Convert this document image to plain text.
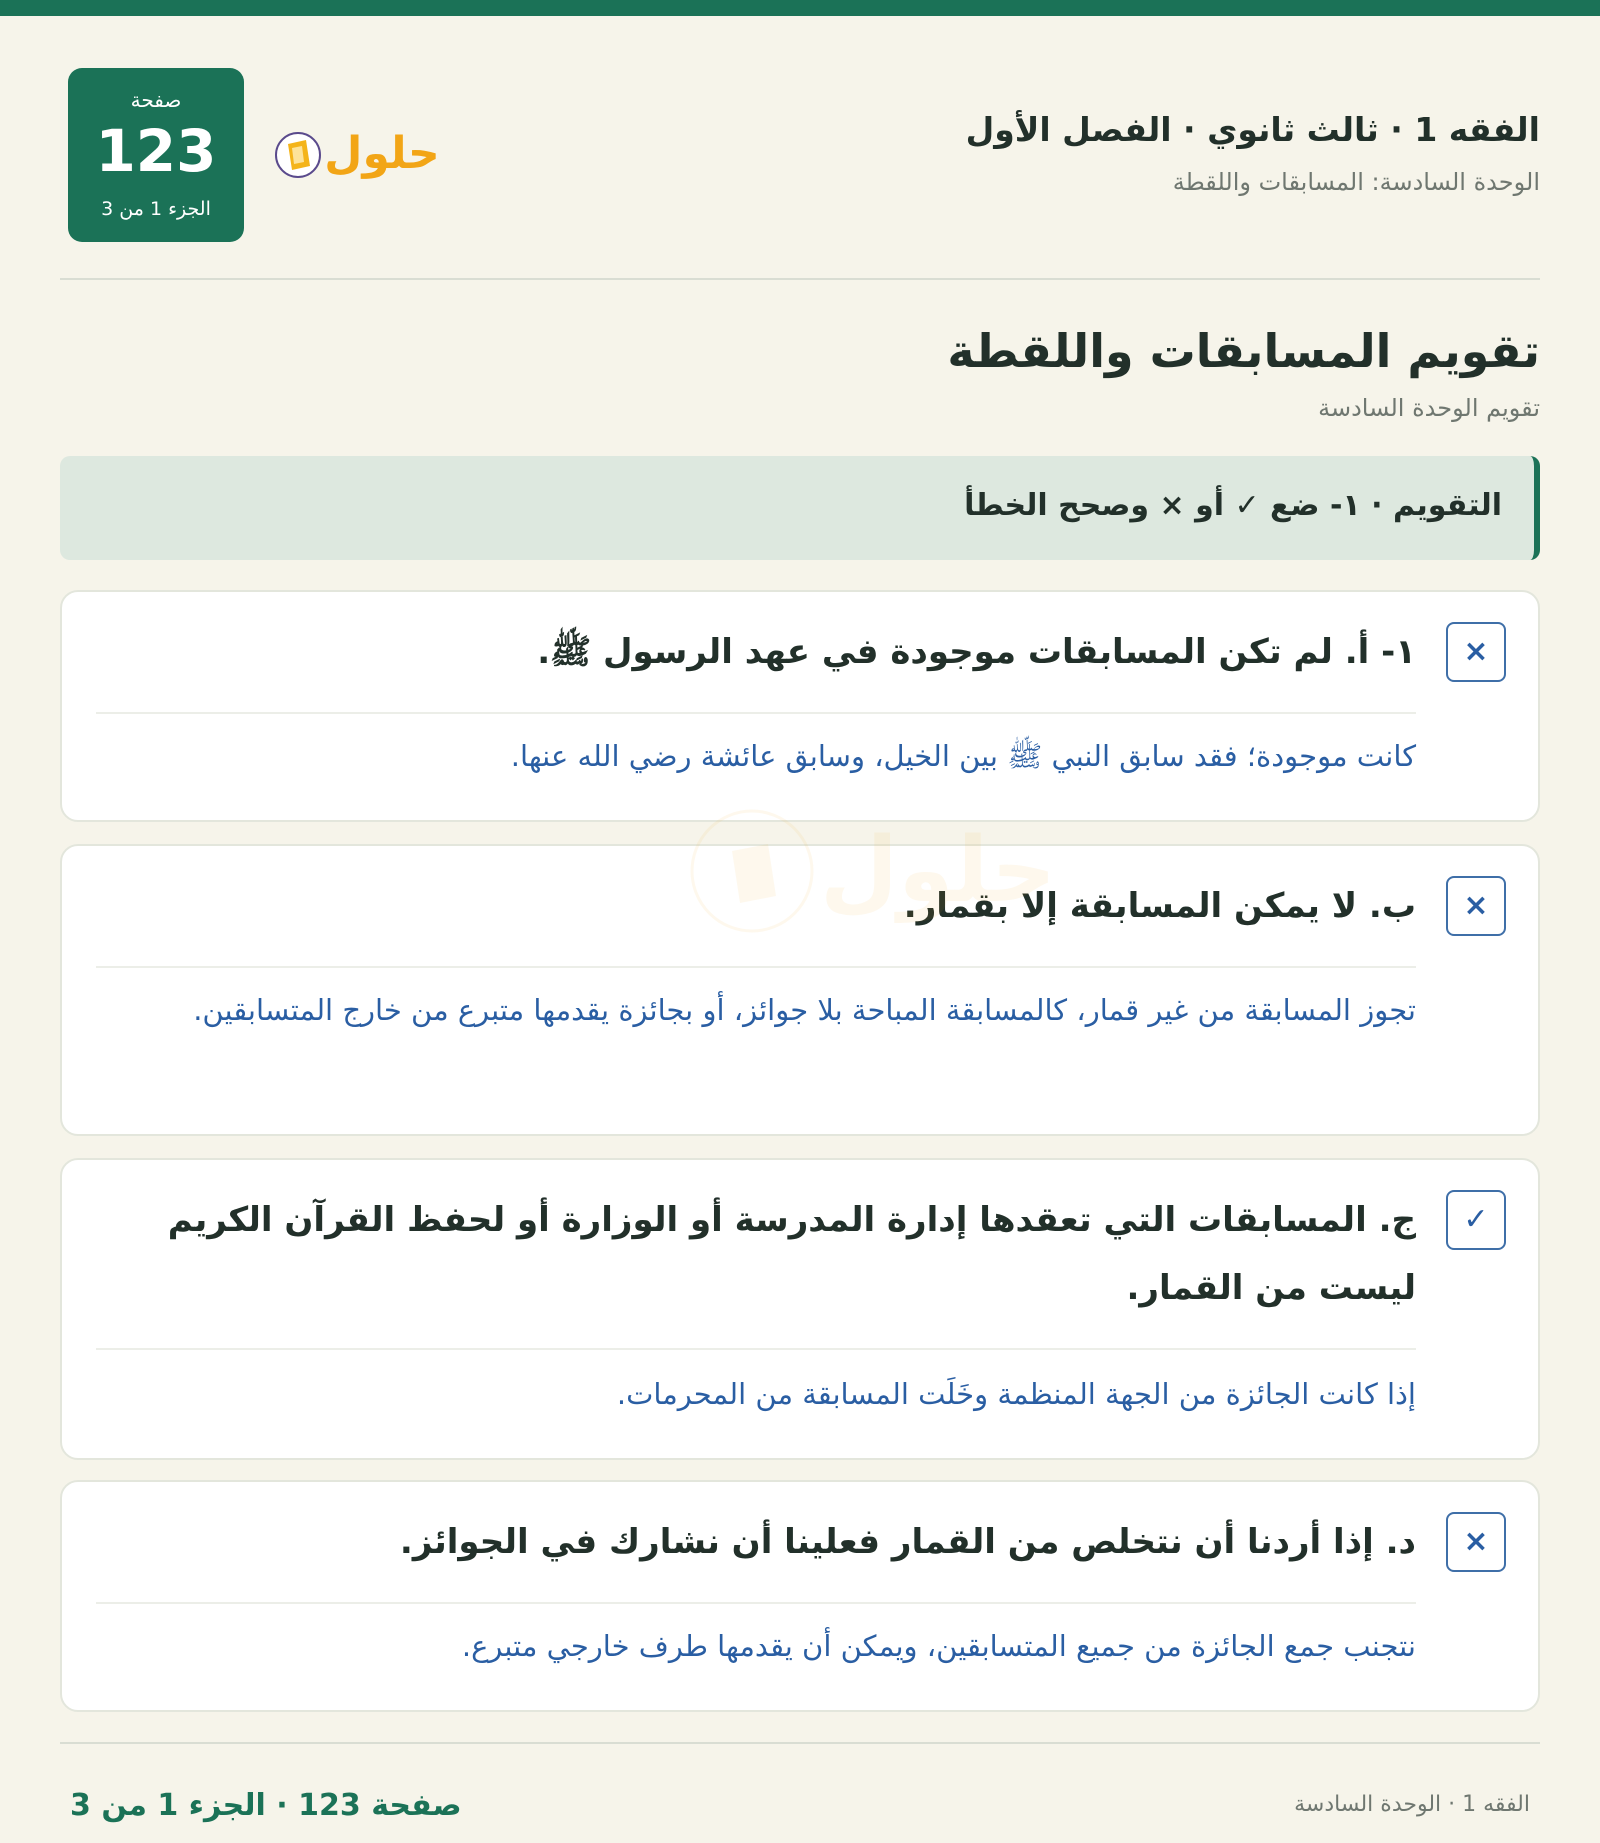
الفقه 1 · ثالث ثانوي · الفصل الأول
الوحدة السادسة: المسابقات واللقطة
صفحة
123
الجزء 1 من 3
حلول
تقويم المسابقات واللقطة
تقويم الوحدة السادسة
التقويم · ١- ضع ✓ أو × وصحح الخطأ
×
١- أ. لم تكن المسابقات موجودة في عهد الرسول ﷺ.
كانت موجودة؛ فقد سابق النبي ﷺ بين الخيل، وسابق عائشة رضي الله عنها.
×
ب. لا يمكن المسابقة إلا بقمار.
تجوز المسابقة من غير قمار، كالمسابقة المباحة بلا جوائز، أو بجائزة يقدمها متبرع من خارج المتسابقين.
✓
ج. المسابقات التي تعقدها إدارة المدرسة أو الوزارة أو لحفظ القرآن الكريم ليست من القمار.
إذا كانت الجائزة من الجهة المنظمة وخَلَت المسابقة من المحرمات.
×
د. إذا أردنا أن نتخلص من القمار فعلينا أن نشارك في الجوائز.
نتجنب جمع الجائزة من جميع المتسابقين، ويمكن أن يقدمها طرف خارجي متبرع.
حلول
صفحة 123 · الجزء 1 من 3	الفقه 1 · الوحدة السادسة
